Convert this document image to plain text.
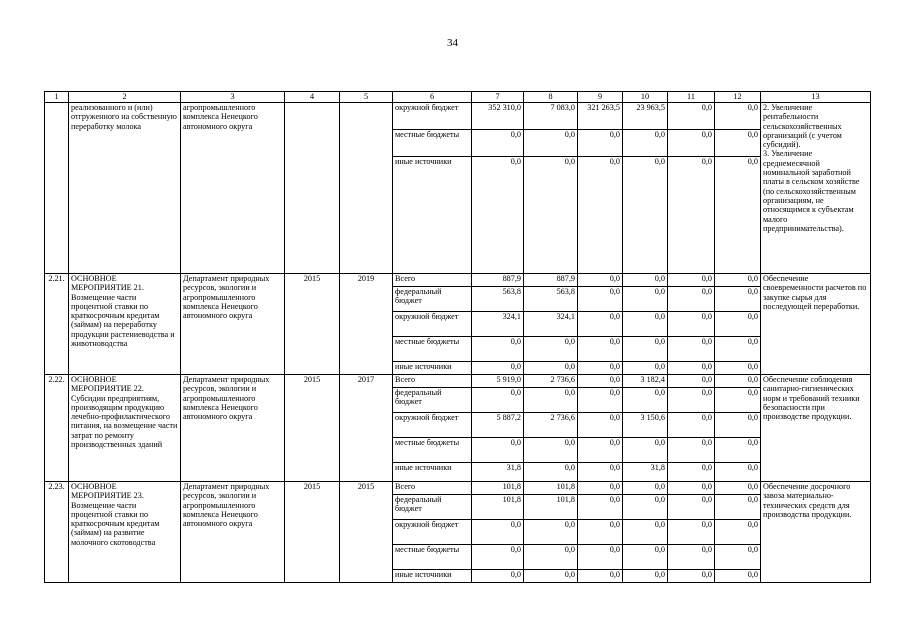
34
1	2	3	4	5	6	7	8	9	10	11	12	13
	реализованного и (или) отгруженного на собственную переработку молока	агропромышленного комплекса Ненецкого автономного округа			окружной бюджет	352 310,0	7 083,0	321 263,5	23 963,5	0,0	0,0	2. Увеличение рентабельности сельскохозяйственных организаций (с учетом субсидий).
3. Увеличение среднемесячной номинальной заработной платы в сельском хозяйстве (по сельскохозяйственным организациям, не относящимся к субъектам малого предпринимательства).
					местные бюджеты	0,0	0,0	0,0	0,0	0,0	0,0	
					иные источники	0,0	0,0	0,0	0,0	0,0	0,0	
2.21.	ОСНОВНОЕ МЕРОПРИЯТИЕ 21. Возмещение части процентной ставки по краткосрочным кредитам (займам) на переработку продукции растениеводства и животноводства	Департамент природных ресурсов, экологии и агропромышленного комплекса Ненецкого автономного округа	2015	2019	Всего	887,9	887,9	0,0	0,0	0,0	0,0	Обеспечение своевременности расчетов по закупке сырья для последующей переработки.
					федеральный бюджет	563,8	563,8	0,0	0,0	0,0	0,0	
					окружной бюджет	324,1	324,1	0,0	0,0	0,0	0,0	
					местные бюджеты	0,0	0,0	0,0	0,0	0,0	0,0	
					иные источники	0,0	0,0	0,0	0,0	0,0	0,0	
2.22.	ОСНОВНОЕ МЕРОПРИЯТИЕ 22. Субсидии предприятиям, производящим продукцию лечебно-профилактического питания, на возмещение части затрат по ремонту производственных зданий	Департамент природных ресурсов, экологии и агропромышленного комплекса Ненецкого автономного округа	2015	2017	Всего	5 919,0	2 736,6	0,0	3 182,4	0,0	0,0	Обеспечение соблюдения санитарно-гигиенических норм и требований техники безопасности при производстве продукции.
					федеральный бюджет	0,0	0,0	0,0	0,0	0,0	0,0	
					окружной бюджет	5 887,2	2 736,6	0,0	3 150,6	0,0	0,0	
					местные бюджеты	0,0	0,0	0,0	0,0	0,0	0,0	
					иные источники	31,8	0,0	0,0	31,8	0,0	0,0	
2.23.	ОСНОВНОЕ МЕРОПРИЯТИЕ 23. Возмещение части процентной ставки по краткосрочным кредитам (займам) на развитие молочного скотоводства	Департамент природных ресурсов, экологии и агропромышленного комплекса Ненецкого автономного округа	2015	2015	Всего	101,8	101,8	0,0	0,0	0,0	0,0	Обеспечение досрочного завоза материально-технических средств для производства продукции.
					федеральный бюджет	101,8	101,8	0,0	0,0	0,0	0,0	
					окружной бюджет	0,0	0,0	0,0	0,0	0,0	0,0	
					местные бюджеты	0,0	0,0	0,0	0,0	0,0	0,0	
					иные источники	0,0	0,0	0,0	0,0	0,0	0,0	
